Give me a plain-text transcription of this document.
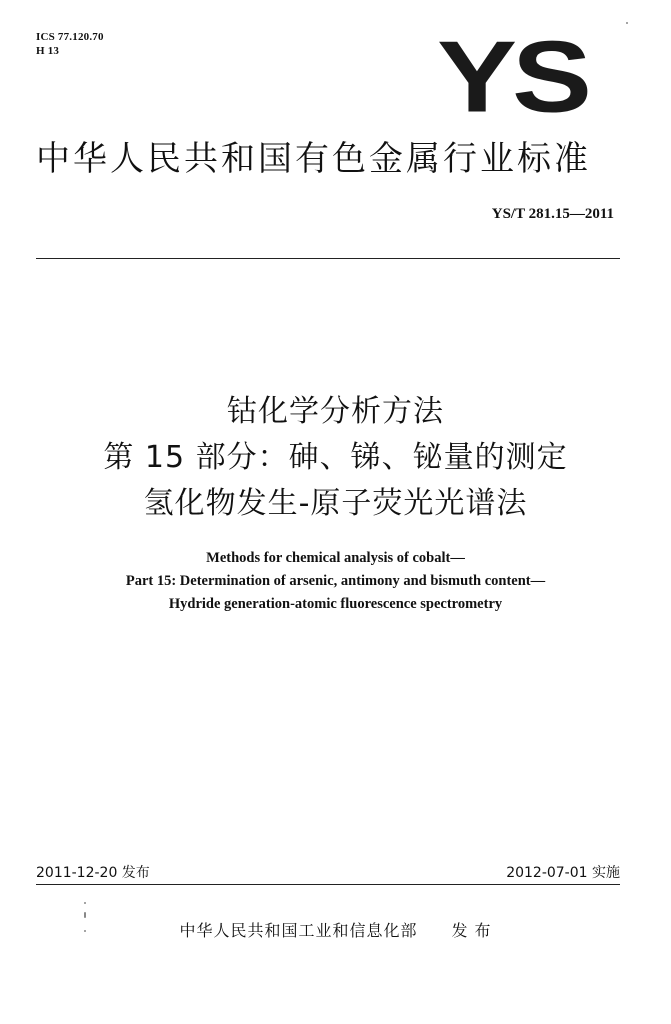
ICS 77.120.70
H 13	YS
中华人民共和国有色金属行业标准
YS/T 281.15—2011
钴化学分析方法
第 15 部分：砷、锑、铋量的测定
氢化物发生-原子荧光光谱法
Methods for chemical analysis of cobalt—
Part 15: Determination of arsenic, antimony and bismuth content—
Hydride generation-atomic fluorescence spectrometry
2011-12-20 发布	2012-07-01 实施
中华人民共和国工业和信息化部 发 布
